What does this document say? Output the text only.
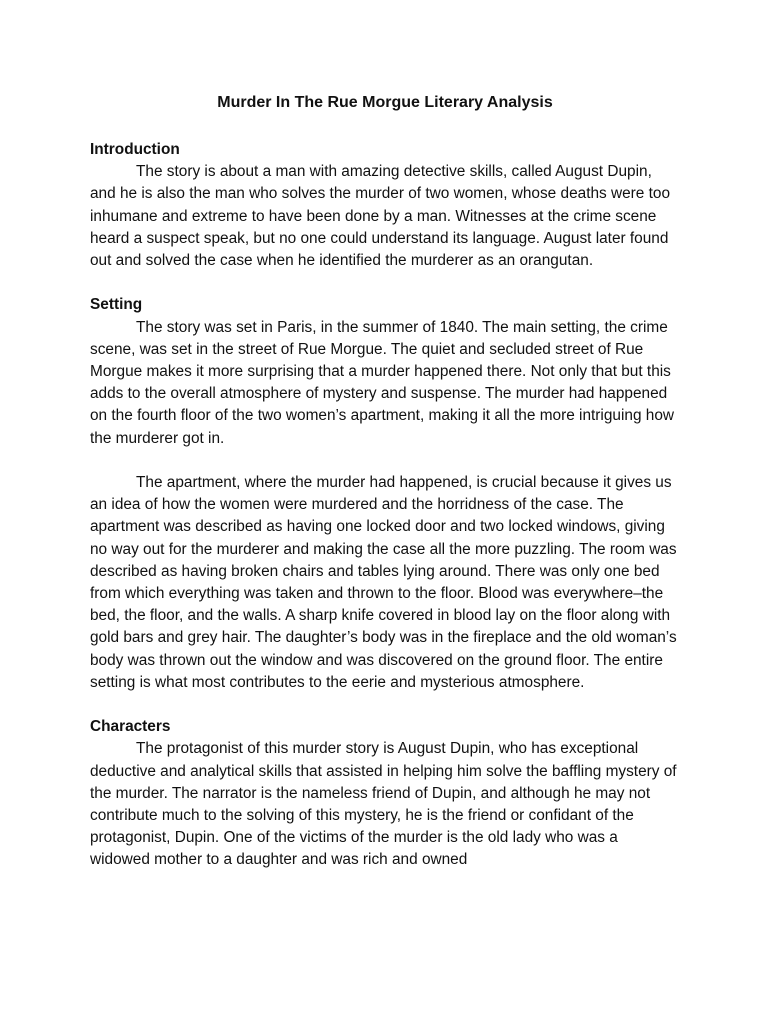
Murder In The Rue Morgue Literary Analysis
Introduction

The story is about a man with amazing detective skills, called August Dupin, and he is also the man who solves the murder of two women, whose deaths were too inhumane and extreme to have been done by a man. Witnesses at the crime scene heard a suspect speak, but no one could understand its language. August later found out and solved the case when he identified the murderer as an orangutan.

Setting

The story was set in Paris, in the summer of 1840. The main setting, the crime scene, was set in the street of Rue Morgue. The quiet and secluded street of Rue Morgue makes it more surprising that a murder happened there. Not only that but this adds to the overall atmosphere of mystery and suspense. The murder had happened on the fourth floor of the two women’s apartment, making it all the more intriguing how the murderer got in.

The apartment, where the murder had happened, is crucial because it gives us an idea of how the women were murdered and the horridness of the case. The apartment was described as having one locked door and two locked windows, giving no way out for the murderer and making the case all the more puzzling. The room was described as having broken chairs and tables lying around. There was only one bed from which everything was taken and thrown to the floor. Blood was everywhere–the bed, the floor, and the walls. A sharp knife covered in blood lay on the floor along with gold bars and grey hair. The daughter’s body was in the fireplace and the old woman’s body was thrown out the window and was discovered on the ground floor. The entire setting is what most contributes to the eerie and mysterious atmosphere.

Characters

The protagonist of this murder story is August Dupin, who has exceptional deductive and analytical skills that assisted in helping him solve the baffling mystery of the murder. The narrator is the nameless friend of Dupin, and although he may not contribute much to the solving of this mystery, he is the friend or confidant of the protagonist, Dupin. One of the victims of the murder is the old lady who was a widowed mother to a daughter and was rich and owned
